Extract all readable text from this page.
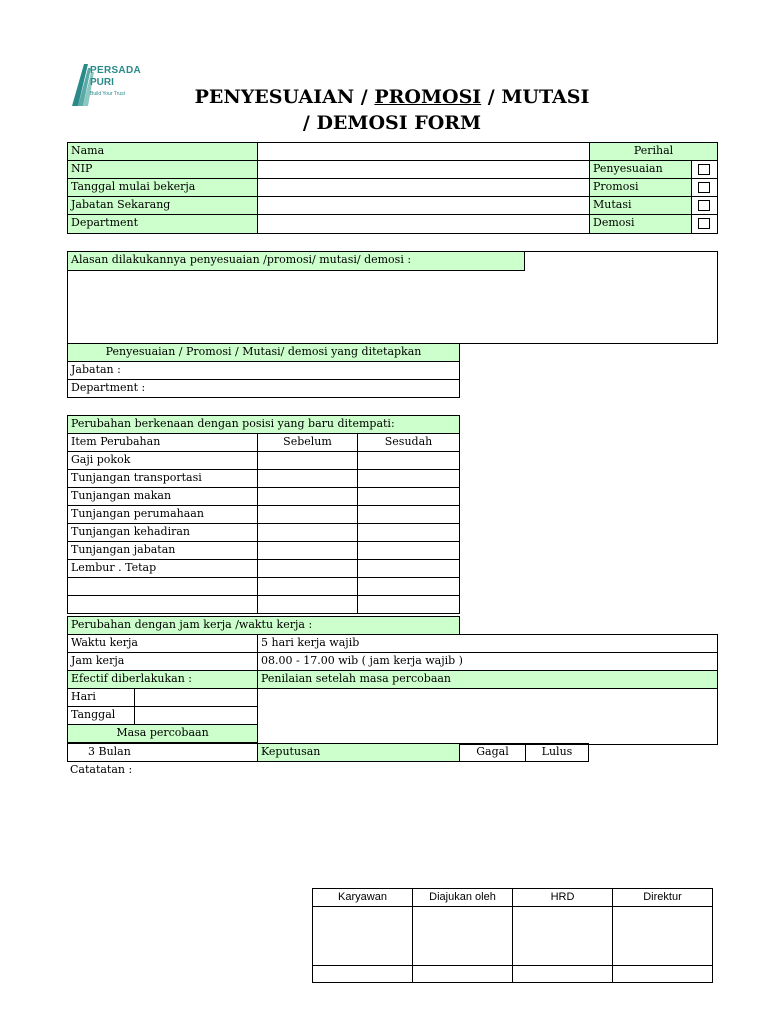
PERSADA
PURI
Build Your Trust	PENYESUAIAN / PROMOSI / MUTASI
/ DEMOSI FORM
Nama	Perihal
NIP	Penyesuaian
Tanggal mulai bekerja	Promosi
Jabatan Sekarang	Mutasi
Department	Demosi
Alasan dilakukannya penyesuaian /promosi/ mutasi/ demosi :
Penyesuaian / Promosi / Mutasi/ demosi yang ditetapkan
Jabatan :
Department :
Perubahan berkenaan dengan posisi yang baru ditempati:
Item Perubahan	Sebelum	Sesudah
Gaji pokok
Tunjangan transportasi
Tunjangan makan
Tunjangan perumahaan
Tunjangan kehadiran
Tunjangan jabatan
Lembur . Tetap
Perubahan dengan jam kerja /waktu kerja :
Waktu kerja	5 hari kerja wajib
Jam kerja	08.00 - 17.00 wib ( jam kerja wajib )
Efectif diberlakukan :	Penilaian setelah masa percobaan
Hari
Tanggal
Masa percobaan
3 Bulan	Keputusan	Gagal	Lulus
Catatatan :
Karyawan	Diajukan oleh	HRD	Direktur
